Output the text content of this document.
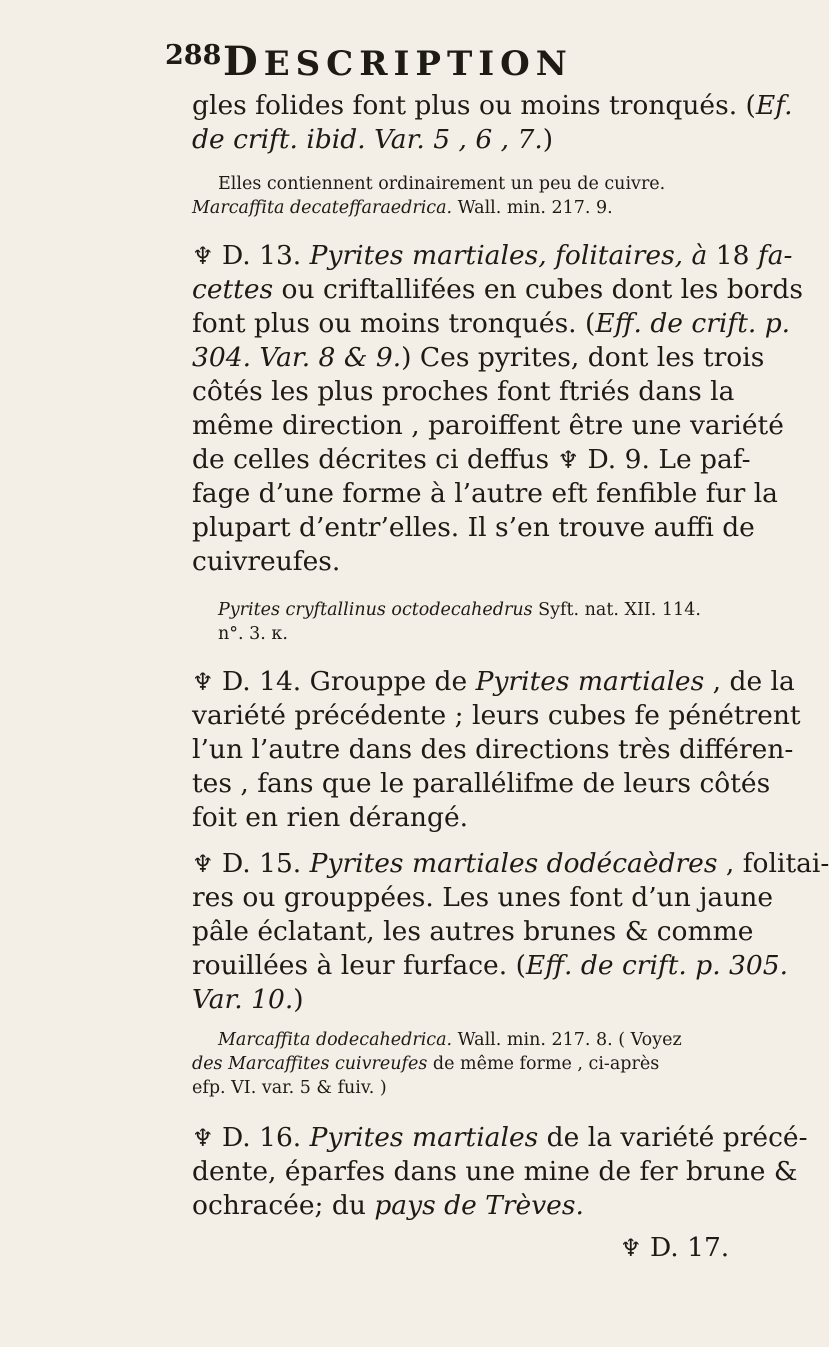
288 DESCRIPTION
gles folides font plus ou moins tronqués. (Ef.
de crift. ibid. Var. 5 , 6 , 7.)
Elles contiennent ordinairement un peu de cuivre.
Marcaffita decateffaraedrica. Wall. min. 217. 9.
♆ D. 13. Pyrites martiales, folitaires, à 18 fa-
cettes ou criftallifées en cubes dont les bords
font plus ou moins tronqués. (Eff. de crift. p.
304. Var. 8 & 9.) Ces pyrites, dont les trois
côtés les plus proches font ftriés dans la
même direction , paroiffent être une variété
de celles décrites ci deffus ♆ D. 9. Le paf-
fage d’une forme à l’autre eft fenfible fur la
plupart d’entr’elles. Il s’en trouve auffi de
cuivreufes.
Pyrites cryftallinus octodecahedrus Syft. nat. XII. 114.
n°. 3. κ.
♆ D. 14. Grouppe de Pyrites martiales , de la
variété précédente ; leurs cubes fe pénétrent
l’un l’autre dans des directions très différen-
tes , fans que le parallélifme de leurs côtés
foit en rien dérangé.
♆ D. 15. Pyrites martiales dodécaèdres , folitai-
res ou grouppées. Les unes font d’un jaune
pâle éclatant, les autres brunes & comme
rouillées à leur furface. (Eff. de crift. p. 305.
Var. 10.)
Marcaffita dodecahedrica. Wall. min. 217. 8. ( Voyez
des Marcaffites cuivreufes de même forme , ci-après
efp. VI. var. 5 & fuiv. )
♆ D. 16. Pyrites martiales de la variété précé-
dente, éparfes dans une mine de fer brune &
ochracée; du pays de Trèves.
♆ D. 17.
